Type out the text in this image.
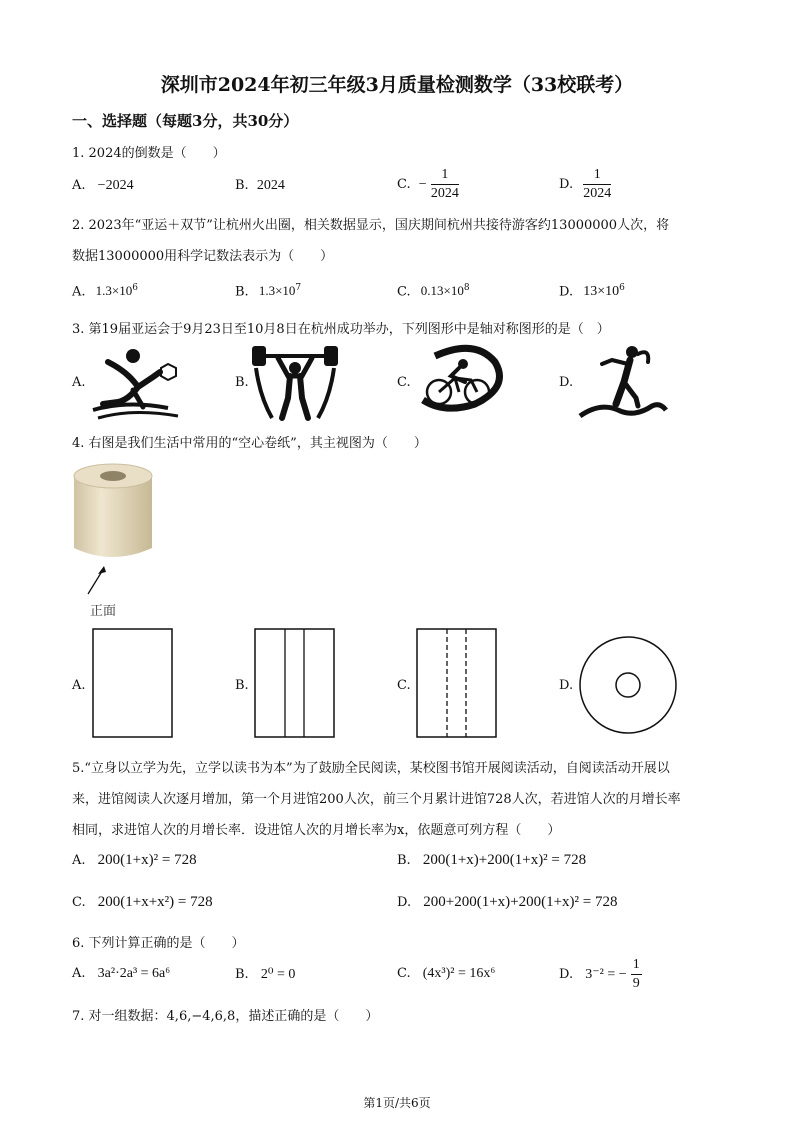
深圳市2024年初三年级3月质量检测数学（33校联考）
一、选择题（每题3分，共30分）
1. 2024的倒数是（　　）
A. −2024	B. 2024	C. − $\frac{1}{2024}$	D. $\frac{1}{2024}$
2. 2023年“亚运＋双节”让杭州火出圈，相关数据显示，国庆期间杭州共接待游客约13000000人次，将
数据13000000用科学记数法表示为（　　）
A. $1.3\times 10^6$	B. $1.3\times 10^7$	C. $0.13\times 10^8$	D. $13\times 10^6$
3. 第19届亚运会于9月23日至10月8日在杭州成功举办，下列图形中是轴对称图形的是（　）
A.	B.	C.	D.
4. 右图是我们生活中常用的“空心卷纸”，其主视图为（　　）
正面
A.	B.	C.	D.
5.“立身以立学为先，立学以读书为本”为了鼓励全民阅读，某校图书馆开展阅读活动，自阅读活动开展以
来，进馆阅读人次逐月增加，第一个月进馆200人次，前三个月累计进馆728人次，若进馆人次的月增长率
相同，求进馆人次的月增长率．设进馆人次的月增长率为x，依题意可列方程（　　）
A. 200(1+x)² = 728	B. 200(1+x)+200(1+x)² = 728
C. 200(1+x+x²) = 728	D. 200+200(1+x)+200(1+x)² = 728
6. 下列计算正确的是（　　）
A. 3a²·2a³ = 6a⁶	B. 2⁰ = 0	C. (4x³)² = 16x⁶	D. 3⁻² = − $\frac{1}{9}$
7. 对一组数据：4,6,−4,6,8，描述正确的是（　　）
第1页/共6页
